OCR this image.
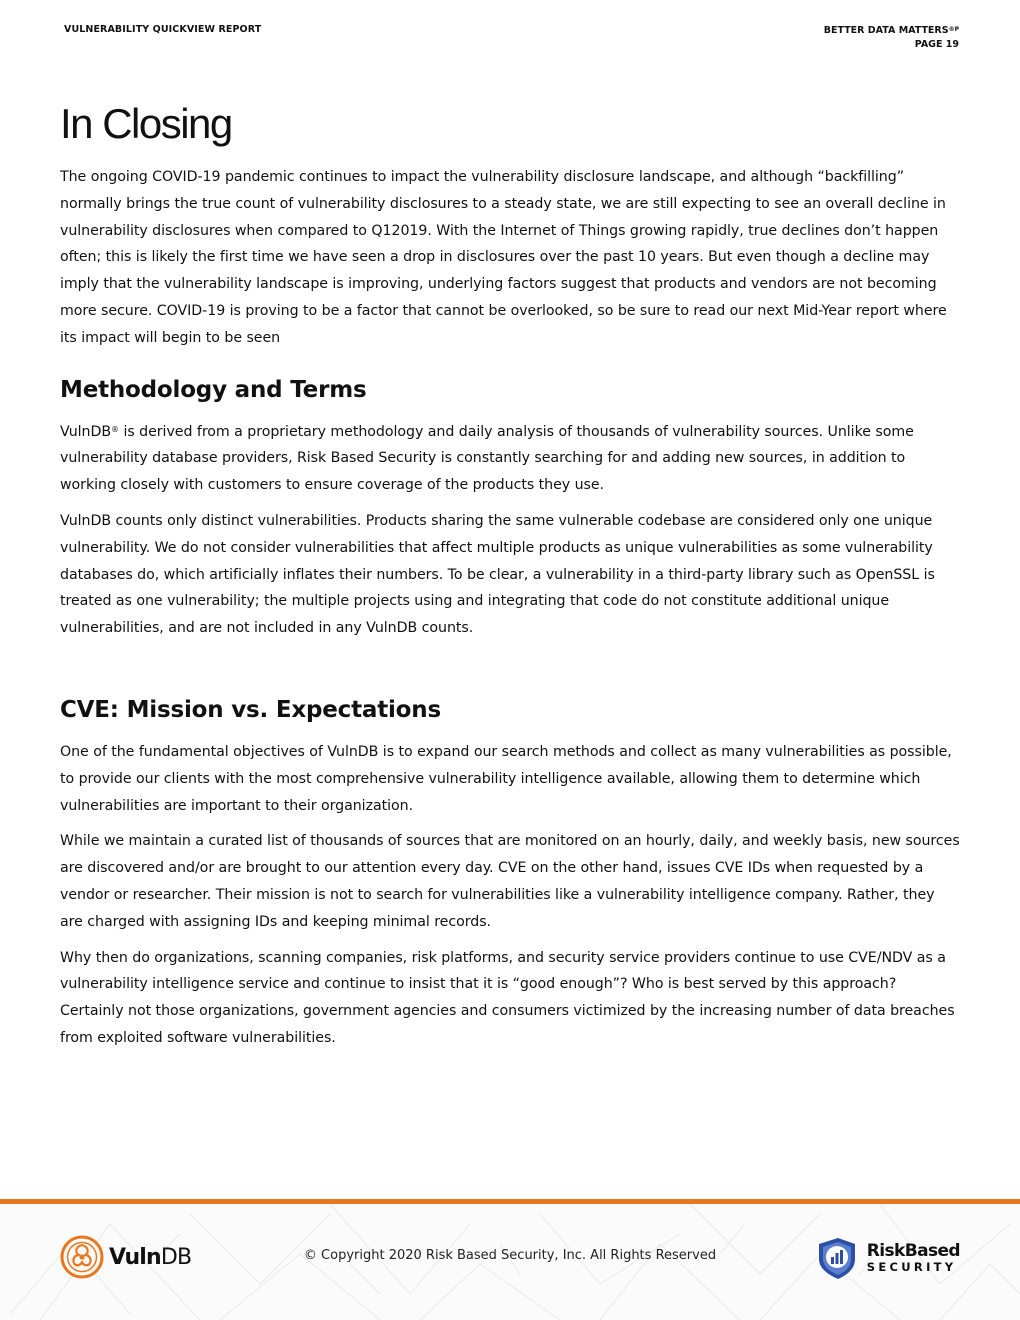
VULNERABILITY QUICKVIEW REPORT	BETTER DATA $MATTERS^{®P}$
PAGE 19
In Closing

The ongoing COVID-19 pandemic continues to impact the vulnerability disclosure landscape, and although “backfilling” normally brings the true count of vulnerability disclosures to a steady state, we are still expecting to see an overall decline in vulnerability disclosures when compared to Q12019. With the Internet of Things growing rapidly, true declines don’t happen often; this is likely the first time we have seen a drop in disclosures over the past 10 years. But even though a decline may imply that the vulnerability landscape is improving, underlying factors suggest that products and vendors are not becoming more secure. COVID-19 is proving to be a factor that cannot be overlooked, so be sure to read our next Mid-Year report where its impact will begin to be seen

Methodology and Terms

VulnDB® is derived from a proprietary methodology and daily analysis of thousands of vulnerability sources. Unlike some vulnerability database providers, Risk Based Security is constantly searching for and adding new sources, in addition to working closely with customers to ensure coverage of the products they use.

VulnDB counts only distinct vulnerabilities. Products sharing the same vulnerable codebase are considered only one unique vulnerability. We do not consider vulnerabilities that affect multiple products as unique vulnerabilities as some vulnerability databases do, which artificially inflates their numbers. To be clear, a vulnerability in a third-party library such as OpenSSL is treated as one vulnerability; the multiple projects using and integrating that code do not constitute additional unique vulnerabilities, and are not included in any VulnDB counts.

CVE: Mission vs. Expectations

One of the fundamental objectives of VulnDB is to expand our search methods and collect as many vulnerabilities as possible, to provide our clients with the most comprehensive vulnerability intelligence available, allowing them to determine which vulnerabilities are important to their organization.

While we maintain a curated list of thousands of sources that are monitored on an hourly, daily, and weekly basis, new sources are discovered and/or are brought to our attention every day. CVE on the other hand, issues CVE IDs when requested by a vendor or researcher. Their mission is not to search for vulnerabilities like a vulnerability intelligence company. Rather, they are charged with assigning IDs and keeping minimal records.

Why then do organizations, scanning companies, risk platforms, and security service providers continue to use CVE/NDV as a vulnerability intelligence service and continue to insist that it is “good enough”? Who is best served by this approach? Certainly not those organizations, government agencies and consumers victimized by the increasing number of data breaches from exploited software vulnerabilities.

VulnDB	© Copyright 2020 Risk Based Security, Inc. All Rights Reserved	RiskBased
SECURITY
